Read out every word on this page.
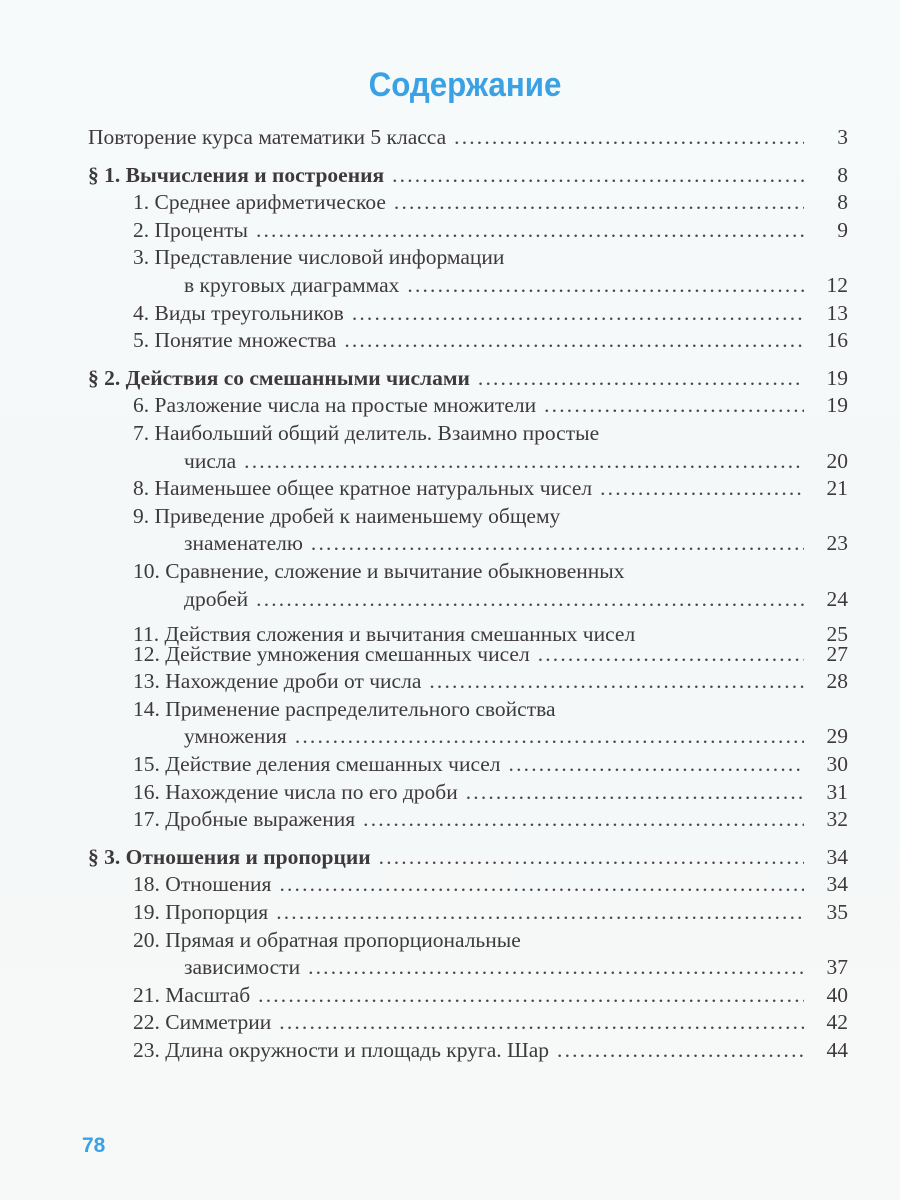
Содержание
Повторение курса математики 5 класса . . .	3
§ 1. Вычисления и построения . . .	8
1. Среднее арифметическое . . .	8
2. Проценты . . .	9
3. Представление числовой информации
в круговых диаграммах . . .	12
4. Виды треугольников . . .	13
5. Понятие множества . . .	16
§ 2. Действия со смешанными числами . . .	19
6. Разложение числа на простые множители . . .	19
7. Наибольший общий делитель. Взаимно простые
числа . . .	20
8. Наименьшее общее кратное натуральных чисел . . .	21
9. Приведение дробей к наименьшему общему
знаменателю . . .	23
10. Сравнение, сложение и вычитание обыкновенных
дробей . . .	24
11. Действия сложения и вычитания смешанных чисел	25
12. Действие умножения смешанных чисел . . .	27
13. Нахождение дроби от числа . . .	28
14. Применение распределительного свойства
умножения . . .	29
15. Действие деления смешанных чисел . . .	30
16. Нахождение числа по его дроби . . .	31
17. Дробные выражения . . .	32
§ 3. Отношения и пропорции . . .	34
18. Отношения . . .	34
19. Пропорция . . .	35
20. Прямая и обратная пропорциональные
зависимости . . .	37
21. Масштаб . . .	40
22. Симметрии . . .	42
23. Длина окружности и площадь круга. Шар . . .	44
78
